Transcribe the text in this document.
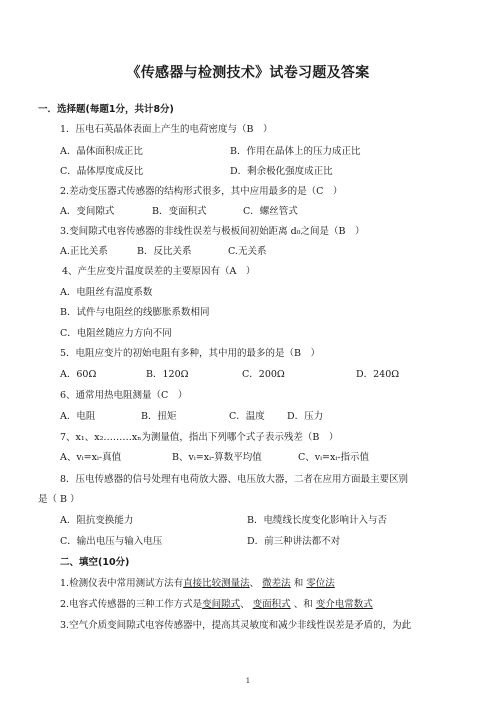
《传感器与检测技术》试卷习题及答案
一．选择题(每题1分，共计8分)
1．压电石英晶体表面上产生的电荷密度与（B　）
A．晶体面积成正比	B．作用在晶体上的压力成正比
C．晶体厚度成反比	D．剩余极化强度成正比
2.差动变压器式传感器的结构形式很多，其中应用最多的是（C　）
A．变间隙式	B．变面积式	C．螺丝管式
3.变间隙式电容传感器的非线性误差与极板间初始距离 d₀之间是（B　）
A.正比关系	B．反比关系	C.无关系
4、产生应变片温度误差的主要原因有（A　）
A．电阻丝有温度系数
B．试件与电阻丝的线膨胀系数相同
C．电阻丝随应力方向不同
5．电阻应变片的初始电阻有多种，其中用的最多的是（B　）
A．60Ω	B．120Ω	C．200Ω	D．240Ω
6、通常用热电阻测量（C　）
A．电阻	B．扭矩	C．温度 D．压力
7、x₁、x₂………xₙ为测量值，指出下列哪个式子表示残差（B　）
A、vᵢ=xᵢ-真值	B、vᵢ=xᵢ-算数平均值	C、vᵢ=xᵢ-指示值
8．压电传感器的信号处理有电荷放大器、电压放大器，二者在应用方面最主要区别
是（ B ）
A．阻抗变换能力	B．电缆线长度变化影响计入与否
C．输出电压与输入电压	D．前三种讲法都不对
二、填空(10分)
1.检测仪表中常用测试方法有直接比较测量法、 微差法 和 零位法
2.电容式传感器的三种工作方式是变间隙式、 变面积式 、和 变介电常数式
3.空气介质变间隙式电容传感器中，提高其灵敏度和减少非线性误差是矛盾的，为此
1
